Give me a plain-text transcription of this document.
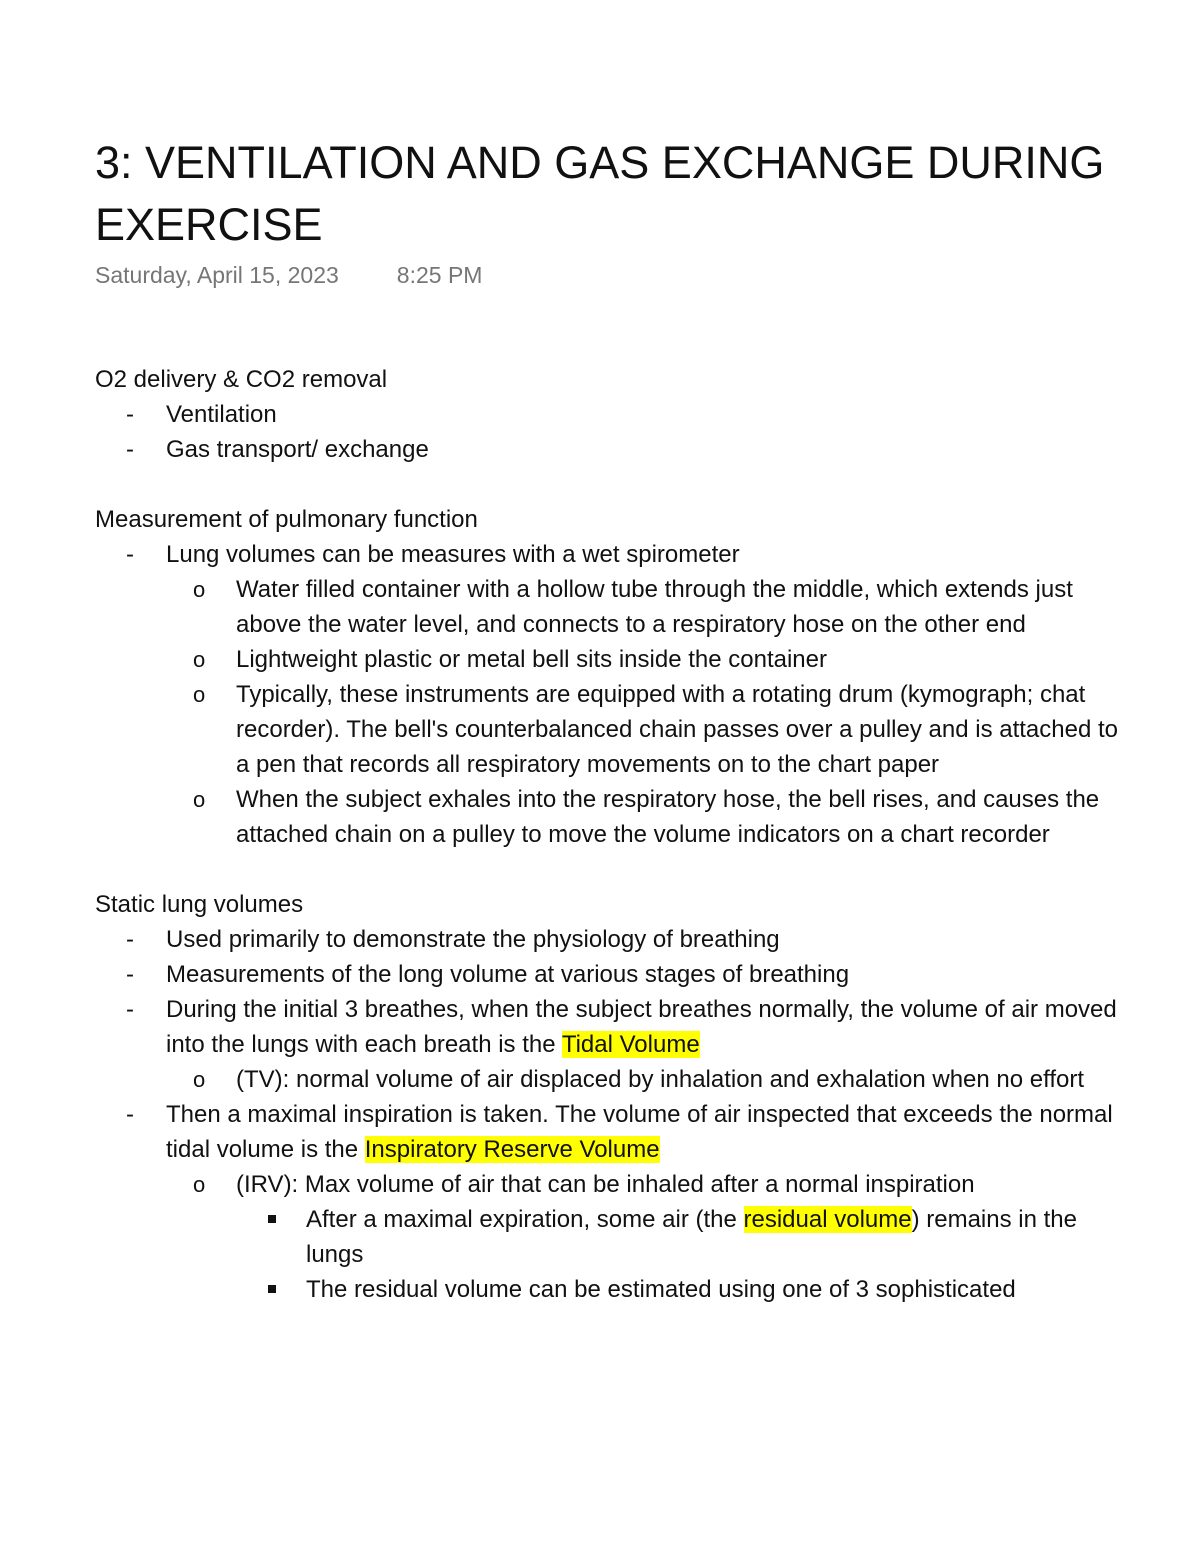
3: VENTILATION AND GAS EXCHANGE DURING EXERCISE
Saturday, April 15, 2023	8:25 PM

O2 delivery & CO2 removal

- Ventilation

- Gas transport/ exchange

Measurement of pulmonary function

- Lung volumes can be measures with a wet spirometer

o Water filled container with a hollow tube through the middle, which extends just above the water level, and connects to a respiratory hose on the other end

o Lightweight plastic or metal bell sits inside the container

o Typically, these instruments are equipped with a rotating drum (kymograph; chat recorder). The bell's counterbalanced chain passes over a pulley and is attached to a pen that records all respiratory movements on to the chart paper

o When the subject exhales into the respiratory hose, the bell rises, and causes the attached chain on a pulley to move the volume indicators on a chart recorder

Static lung volumes

- Used primarily to demonstrate the physiology of breathing

- Measurements of the long volume at various stages of breathing

- During the initial 3 breathes, when the subject breathes normally, the volume of air moved into the lungs with each breath is the Tidal Volume

o (TV): normal volume of air displaced by inhalation and exhalation when no effort

- Then a maximal inspiration is taken. The volume of air inspected that exceeds the normal tidal volume is the Inspiratory Reserve Volume

o (IRV): Max volume of air that can be inhaled after a normal inspiration

After a maximal expiration, some air (the residual volume) remains in the lungs

The residual volume can be estimated using one of 3 sophisticated
